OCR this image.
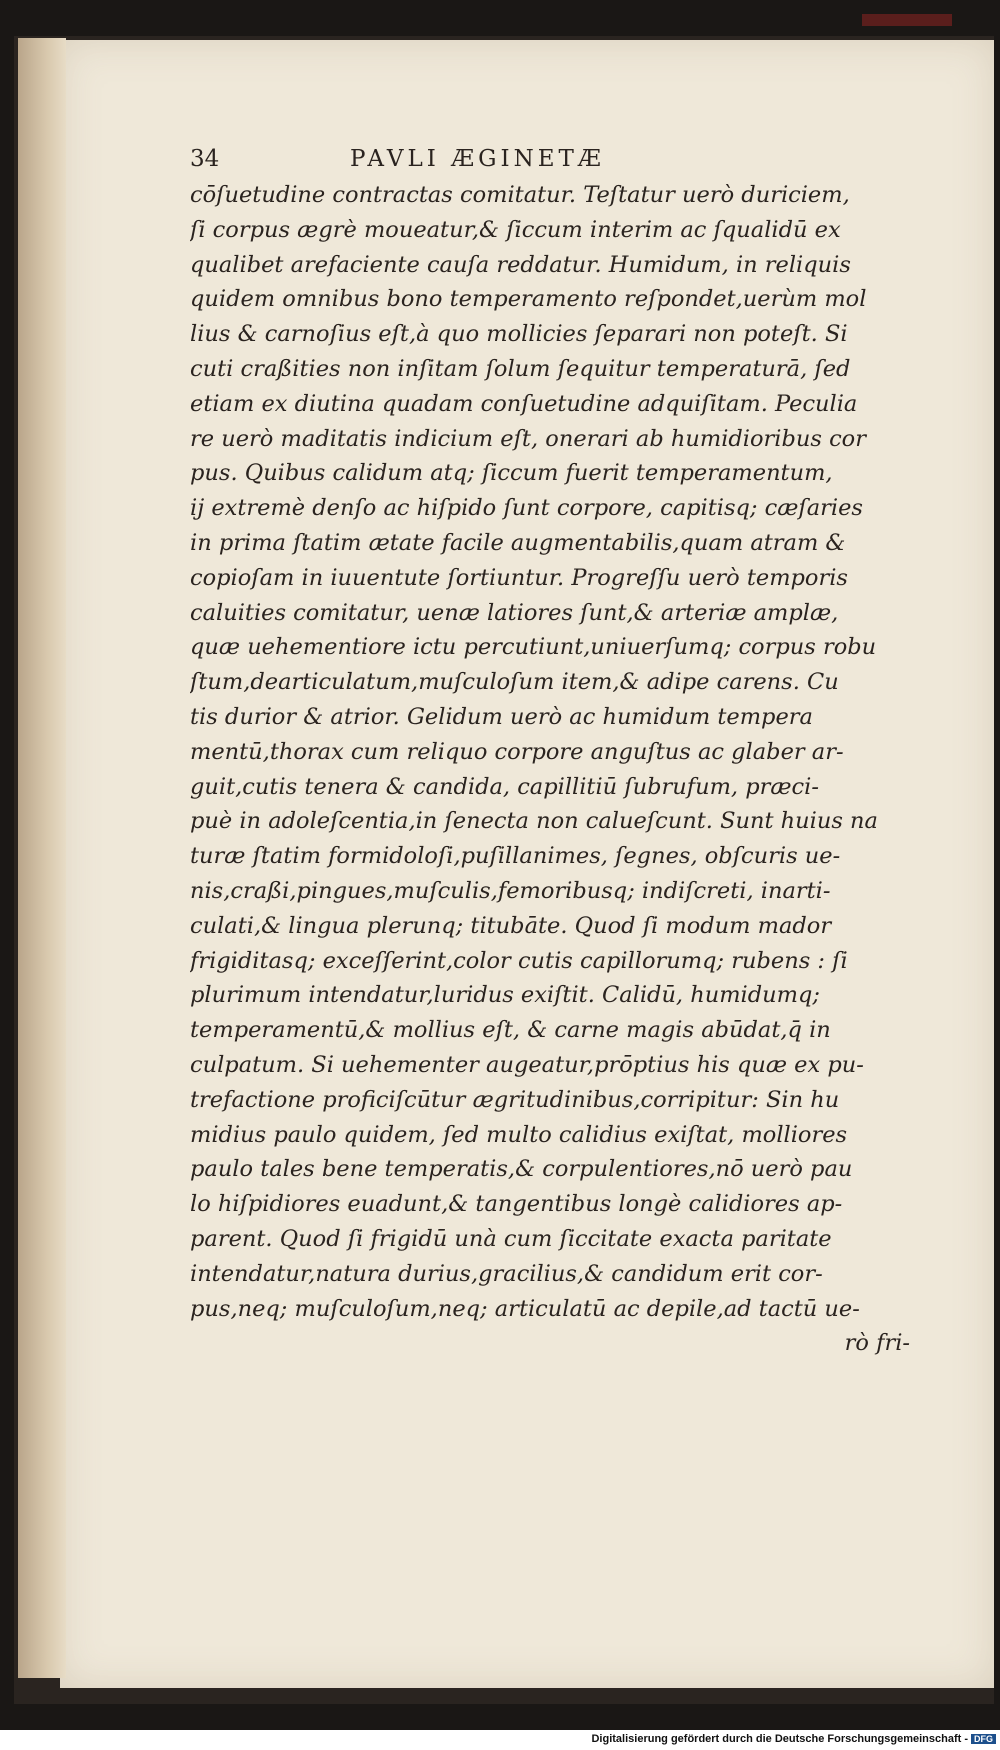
34	PAVLI ÆGINETÆ
cōſuetudine contractas comitatur. Teſtatur uerò duriciem,
ſi corpus ægrè moueatur,& ſiccum interim ac ſqualidū ex
qualibet arefaciente cauſa reddatur. Humidum, in reliquis
quidem omnibus bono temperamento reſpondet,uerùm mol
lius & carnoſius eſt,à quo mollicies ſeparari non poteſt. Si
cuti craßities non inſitam ſolum ſequitur temperaturā, ſed
etiam ex diutina quadam conſuetudine adquiſitam. Peculia
re uerò maditatis indicium eſt, onerari ab humidioribus cor
pus. Quibus calidum atq; ſiccum fuerit temperamentum,
ij extremè denſo ac hiſpido ſunt corpore, capitisq; cæſaries
in prima ſtatim ætate facile augmentabilis,quam atram &
copioſam in iuuentute ſortiuntur. Progreſſu uerò temporis
caluities comitatur, uenæ latiores ſunt,& arteriæ amplæ,
quæ uehementiore ictu percutiunt,uniuerſumq; corpus robu
ſtum,dearticulatum,muſculoſum item,& adipe carens. Cu
tis durior & atrior. Gelidum uerò ac humidum tempera
mentū,thorax cum reliquo corpore anguſtus ac glaber ar-
guit,cutis tenera & candida, capillitiū ſubrufum, præci-
puè in adoleſcentia,in ſenecta non calueſcunt. Sunt huius na
turæ ſtatim formidoloſi,puſillanimes, ſegnes, obſcuris ue-
nis,craßi,pingues,muſculis,femoribusq; indiſcreti, inarti-
culati,& lingua plerunq; titubāte. Quod ſi modum mador
frigiditasq; exceſſerint,color cutis capillorumq; rubens : ſi
plurimum intendatur,luridus exiſtit. Calidū, humidumq;
temperamentū,& mollius eſt, & carne magis abūdat,q̄ in
culpatum. Si uehementer augeatur,prōptius his quæ ex pu-
trefactione proficiſcūtur ægritudinibus,corripitur: Sin hu
midius paulo quidem, ſed multo calidius exiſtat, molliores
paulo tales bene temperatis,& corpulentiores,nō uerò pau
lo hiſpidiores euadunt,& tangentibus longè calidiores ap-
parent. Quod ſi frigidū unà cum ſiccitate exacta paritate
intendatur,natura durius,gracilius,& candidum erit cor-
pus,neq; muſculoſum,neq; articulatū ac depile,ad tactū ue-
rò fri-
Digitalisierung gefördert durch die Deutsche Forschungsgemeinschaft - DFG
